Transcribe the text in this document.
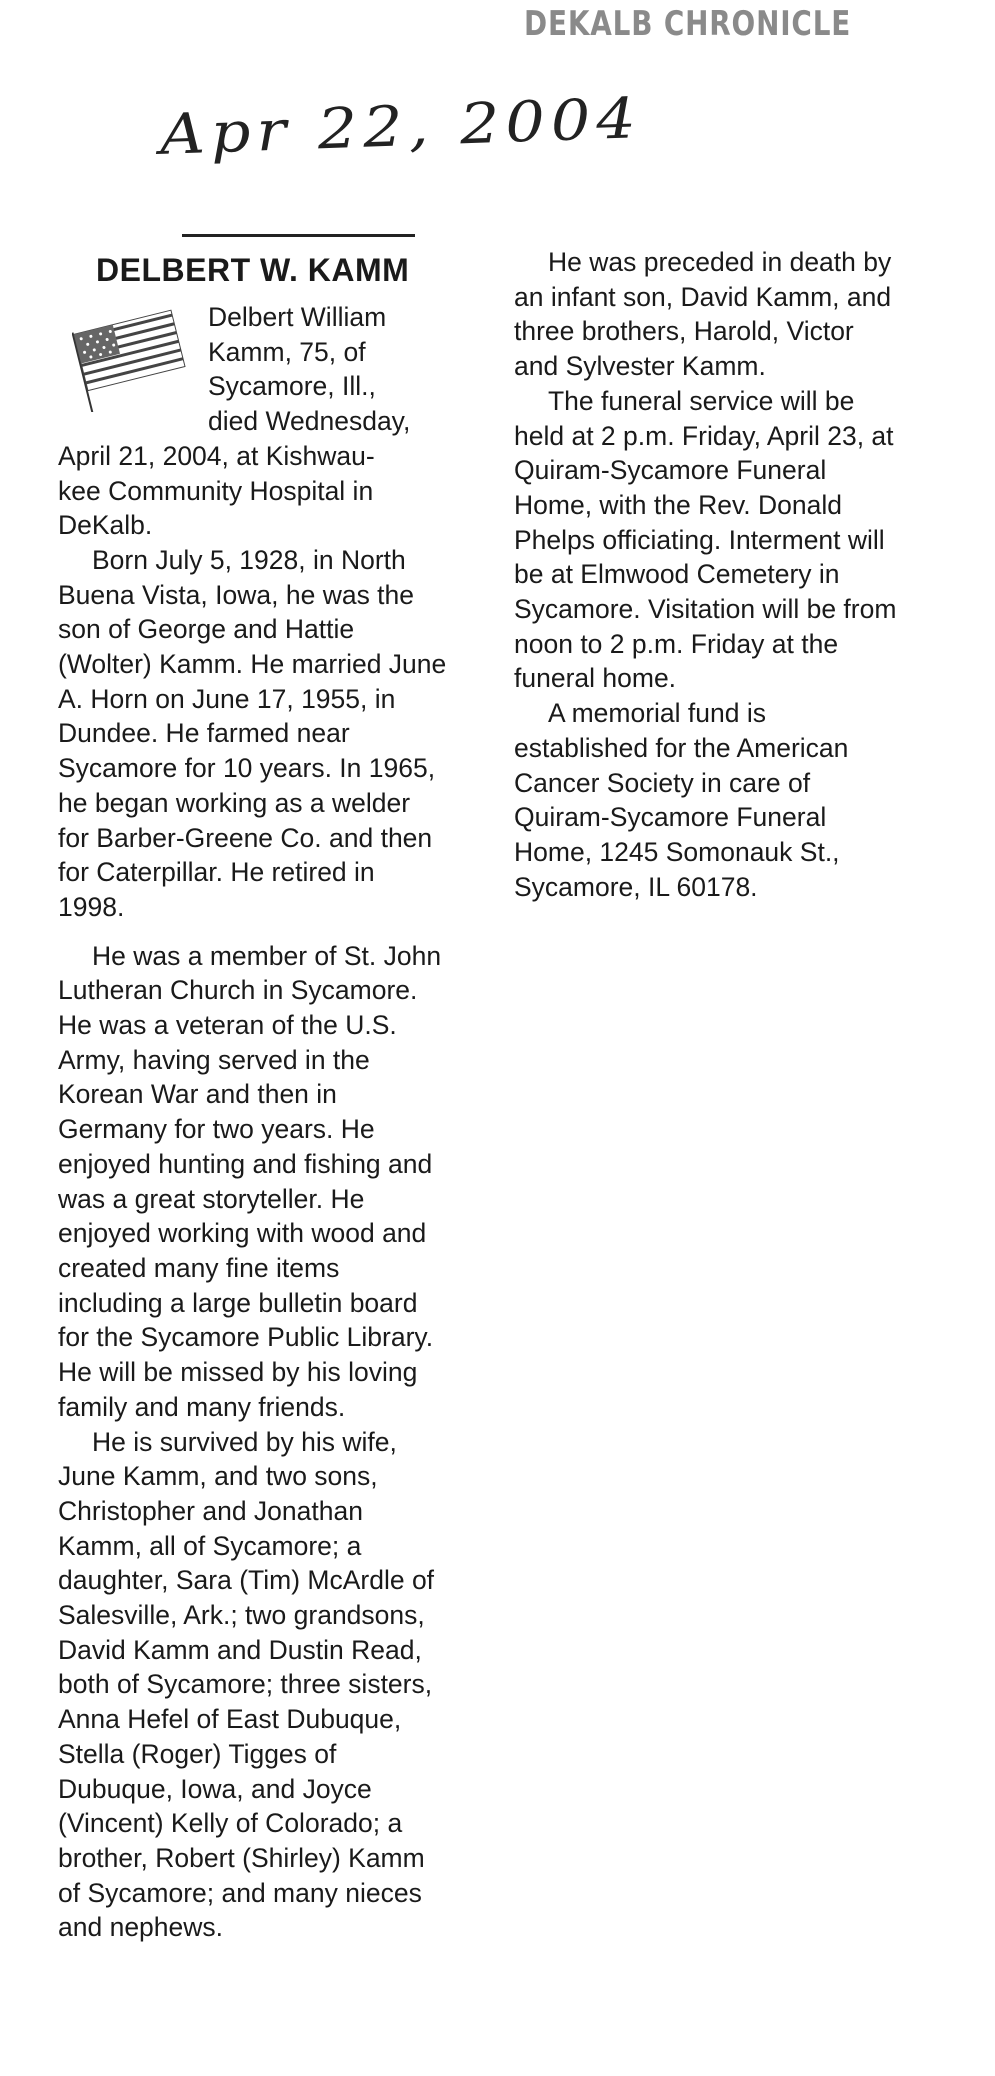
DEKALB CHRONICLE
Apr 22, 2004
DELBERT W. KAMM

Delbert William
Kamm, 75, of
Sycamore, Ill.,
died Wednesday,
April 21, 2004, at Kishwau-
kee Community Hospital in
DeKalb.

Born July 5, 1928, in North Buena Vista, Iowa, he was the son of George and Hattie (Wolter) Kamm. He married June A. Horn on June 17, 1955, in Dundee. He farmed near Sycamore for 10 years. In 1965, he began working as a welder for Barber-Greene Co. and then for Caterpillar. He retired in 1998.

He was a member of St. John Lutheran Church in Sycamore. He was a veteran of the U.S. Army, having served in the Korean War and then in Germany for two years. He enjoyed hunting and fishing and was a great storyteller. He enjoyed working with wood and created many fine items including a large bulletin board for the Sycamore Public Library. He will be missed by his loving family and many friends.

He is survived by his wife, June Kamm, and two sons, Christopher and Jonathan Kamm, all of Sycamore; a daughter, Sara (Tim) McArdle of Salesville, Ark.; two grandsons, David Kamm and Dustin Read, both of Sycamore; three sisters, Anna Hefel of East Dubuque, Stella (Roger) Tigges of Dubuque, Iowa, and Joyce (Vincent) Kelly of Colorado; a brother, Robert (Shirley) Kamm of Sycamore; and many nieces and nephews.

He was preceded in death by an infant son, David Kamm, and three brothers, Harold, Victor and Sylvester Kamm.

The funeral service will be held at 2 p.m. Friday, April 23, at Quiram-Sycamore Funeral Home, with the Rev. Donald Phelps officiating. Interment will be at Elmwood Cemetery in Sycamore. Visitation will be from noon to 2 p.m. Friday at the funeral home.

A memorial fund is established for the American Cancer Society in care of Quiram-Sycamore Funeral Home, 1245 Somonauk St., Sycamore, IL 60178.
